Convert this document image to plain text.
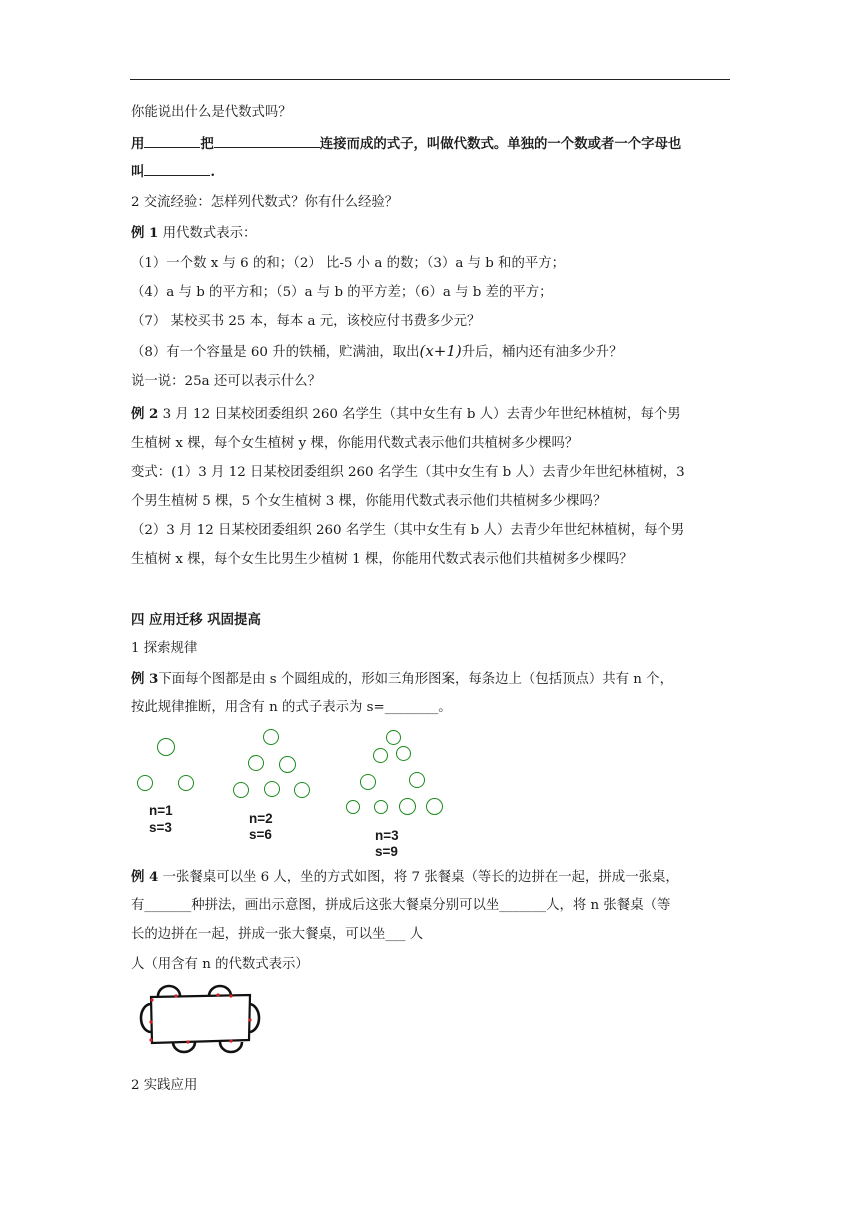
你能说出什么是代数式吗？
用	把	连接而成的式子，叫做代数式。单独的一个数或者一个字母也
叫	.
2 交流经验：怎样列代数式？你有什么经验？
例 1 用代数式表示：
（1）一个数 x 与 6 的和；（2） 比-5 小 a 的数；（3）a 与 b 和的平方；
（4）a 与 b 的平方和；（5）a 与 b 的平方差；（6）a 与 b 差的平方；
（7） 某校买书 25 本，每本 a 元，该校应付书费多少元？
（8）有一个容量是 60 升的铁桶，贮满油，取出(x+1)升后，桶内还有油多少升？
说一说：25a 还可以表示什么？
例 2 3 月 12 日某校团委组织 260 名学生（其中女生有 b 人）去青少年世纪林植树，每个男
生植树 x 棵，每个女生植树 y 棵，你能用代数式表示他们共植树多少棵吗？
变式：(1）3 月 12 日某校团委组织 260 名学生（其中女生有 b 人）去青少年世纪林植树，3
个男生植树 5 棵，5 个女生植树 3 棵，你能用代数式表示他们共植树多少棵吗？
（2）3 月 12 日某校团委组织 260 名学生（其中女生有 b 人）去青少年世纪林植树，每个男
生植树 x 棵，每个女生比男生少植树 1 棵，你能用代数式表示他们共植树多少棵吗？
四 应用迁移 巩固提高
1 探索规律
例 3下面每个图都是由 s 个圆组成的，形如三角形图案，每条边上（包括顶点）共有 n 个，
按此规律推断，用含有 n 的式子表示为 s=________。
n=1
s=3
n=2
s=6	n=3
s=9
例 4 一张餐桌可以坐 6 人，坐的方式如图，将 7 张餐桌（等长的边拼在一起，拼成一张桌，
有_______种拼法，画出示意图，拼成后这张大餐桌分别可以坐_______人，将 n 张餐桌（等
长的边拼在一起，拼成一张大餐桌，可以坐___ 人
人（用含有 n 的代数式表示）
2 实践应用
